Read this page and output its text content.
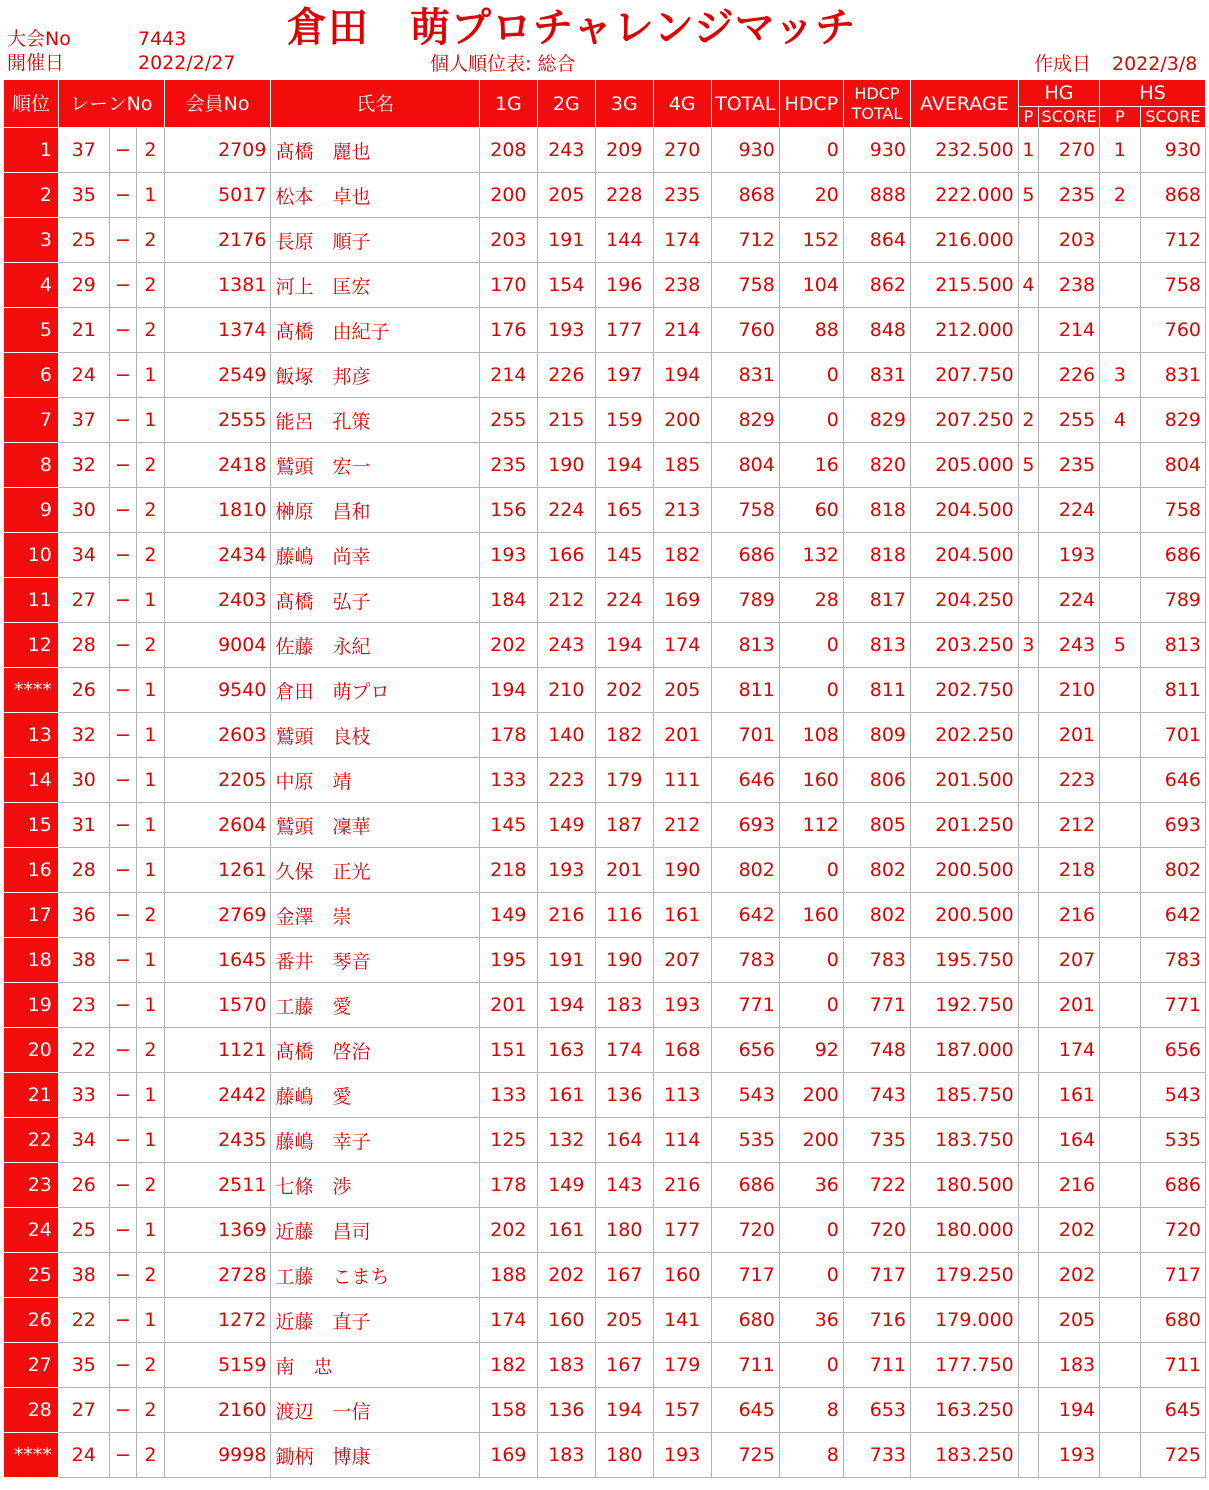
大会No	7443
開催日	2022/2/27
倉田　萌プロチャレンジマッチ
個人順位表: 総合	作成日 2022/3/8
順位	レーンNo			会員No	氏名	1G	2G	3G	4G	TOTAL	HDCP	HDCP
TOTAL	AVERAGE	HG		HS	
														P	SCORE	P	SCORE
1	37	−	2	2709	髙橋　麗也	208	243	209	270	930	0	930	232.500	1	270	1	930
2	35	−	1	5017	松本　卓也	200	205	228	235	868	20	888	222.000	5	235	2	868
3	25	−	2	2176	長原　順子	203	191	144	174	712	152	864	216.000		203		712
4	29	−	2	1381	河上　匡宏	170	154	196	238	758	104	862	215.500	4	238		758
5	21	−	2	1374	髙橋　由紀子	176	193	177	214	760	88	848	212.000		214		760
6	24	−	1	2549	飯塚　邦彦	214	226	197	194	831	0	831	207.750		226	3	831
7	37	−	1	2555	能呂　孔策	255	215	159	200	829	0	829	207.250	2	255	4	829
8	32	−	2	2418	鷲頭　宏一	235	190	194	185	804	16	820	205.000	5	235		804
9	30	−	2	1810	榊原　昌和	156	224	165	213	758	60	818	204.500		224		758
10	34	−	2	2434	藤嶋　尚幸	193	166	145	182	686	132	818	204.500		193		686
11	27	−	1	2403	髙橋　弘子	184	212	224	169	789	28	817	204.250		224		789
12	28	−	2	9004	佐藤　永紀	202	243	194	174	813	0	813	203.250	3	243	5	813
****	26	−	1	9540	倉田　萌プロ	194	210	202	205	811	0	811	202.750		210		811
13	32	−	1	2603	鷲頭　良枝	178	140	182	201	701	108	809	202.250		201		701
14	30	−	1	2205	中原　靖	133	223	179	111	646	160	806	201.500		223		646
15	31	−	1	2604	鷲頭　凜華	145	149	187	212	693	112	805	201.250		212		693
16	28	−	1	1261	久保　正光	218	193	201	190	802	0	802	200.500		218		802
17	36	−	2	2769	金澤　崇	149	216	116	161	642	160	802	200.500		216		642
18	38	−	1	1645	番井　琴音	195	191	190	207	783	0	783	195.750		207		783
19	23	−	1	1570	工藤　愛	201	194	183	193	771	0	771	192.750		201		771
20	22	−	2	1121	髙橋　啓治	151	163	174	168	656	92	748	187.000		174		656
21	33	−	1	2442	藤嶋　愛	133	161	136	113	543	200	743	185.750		161		543
22	34	−	1	2435	藤嶋　幸子	125	132	164	114	535	200	735	183.750		164		535
23	26	−	2	2511	七條　渉	178	149	143	216	686	36	722	180.500		216		686
24	25	−	1	1369	近藤　昌司	202	161	180	177	720	0	720	180.000		202		720
25	38	−	2	2728	工藤　こまち	188	202	167	160	717	0	717	179.250		202		717
26	22	−	1	1272	近藤　直子	174	160	205	141	680	36	716	179.000		205		680
27	35	−	2	5159	南　忠	182	183	167	179	711	0	711	177.750		183		711
28	27	−	2	2160	渡辺　一信	158	136	194	157	645	8	653	163.250		194		645
****	24	−	2	9998	鋤柄　博康	169	183	180	193	725	8	733	183.250		193		725
